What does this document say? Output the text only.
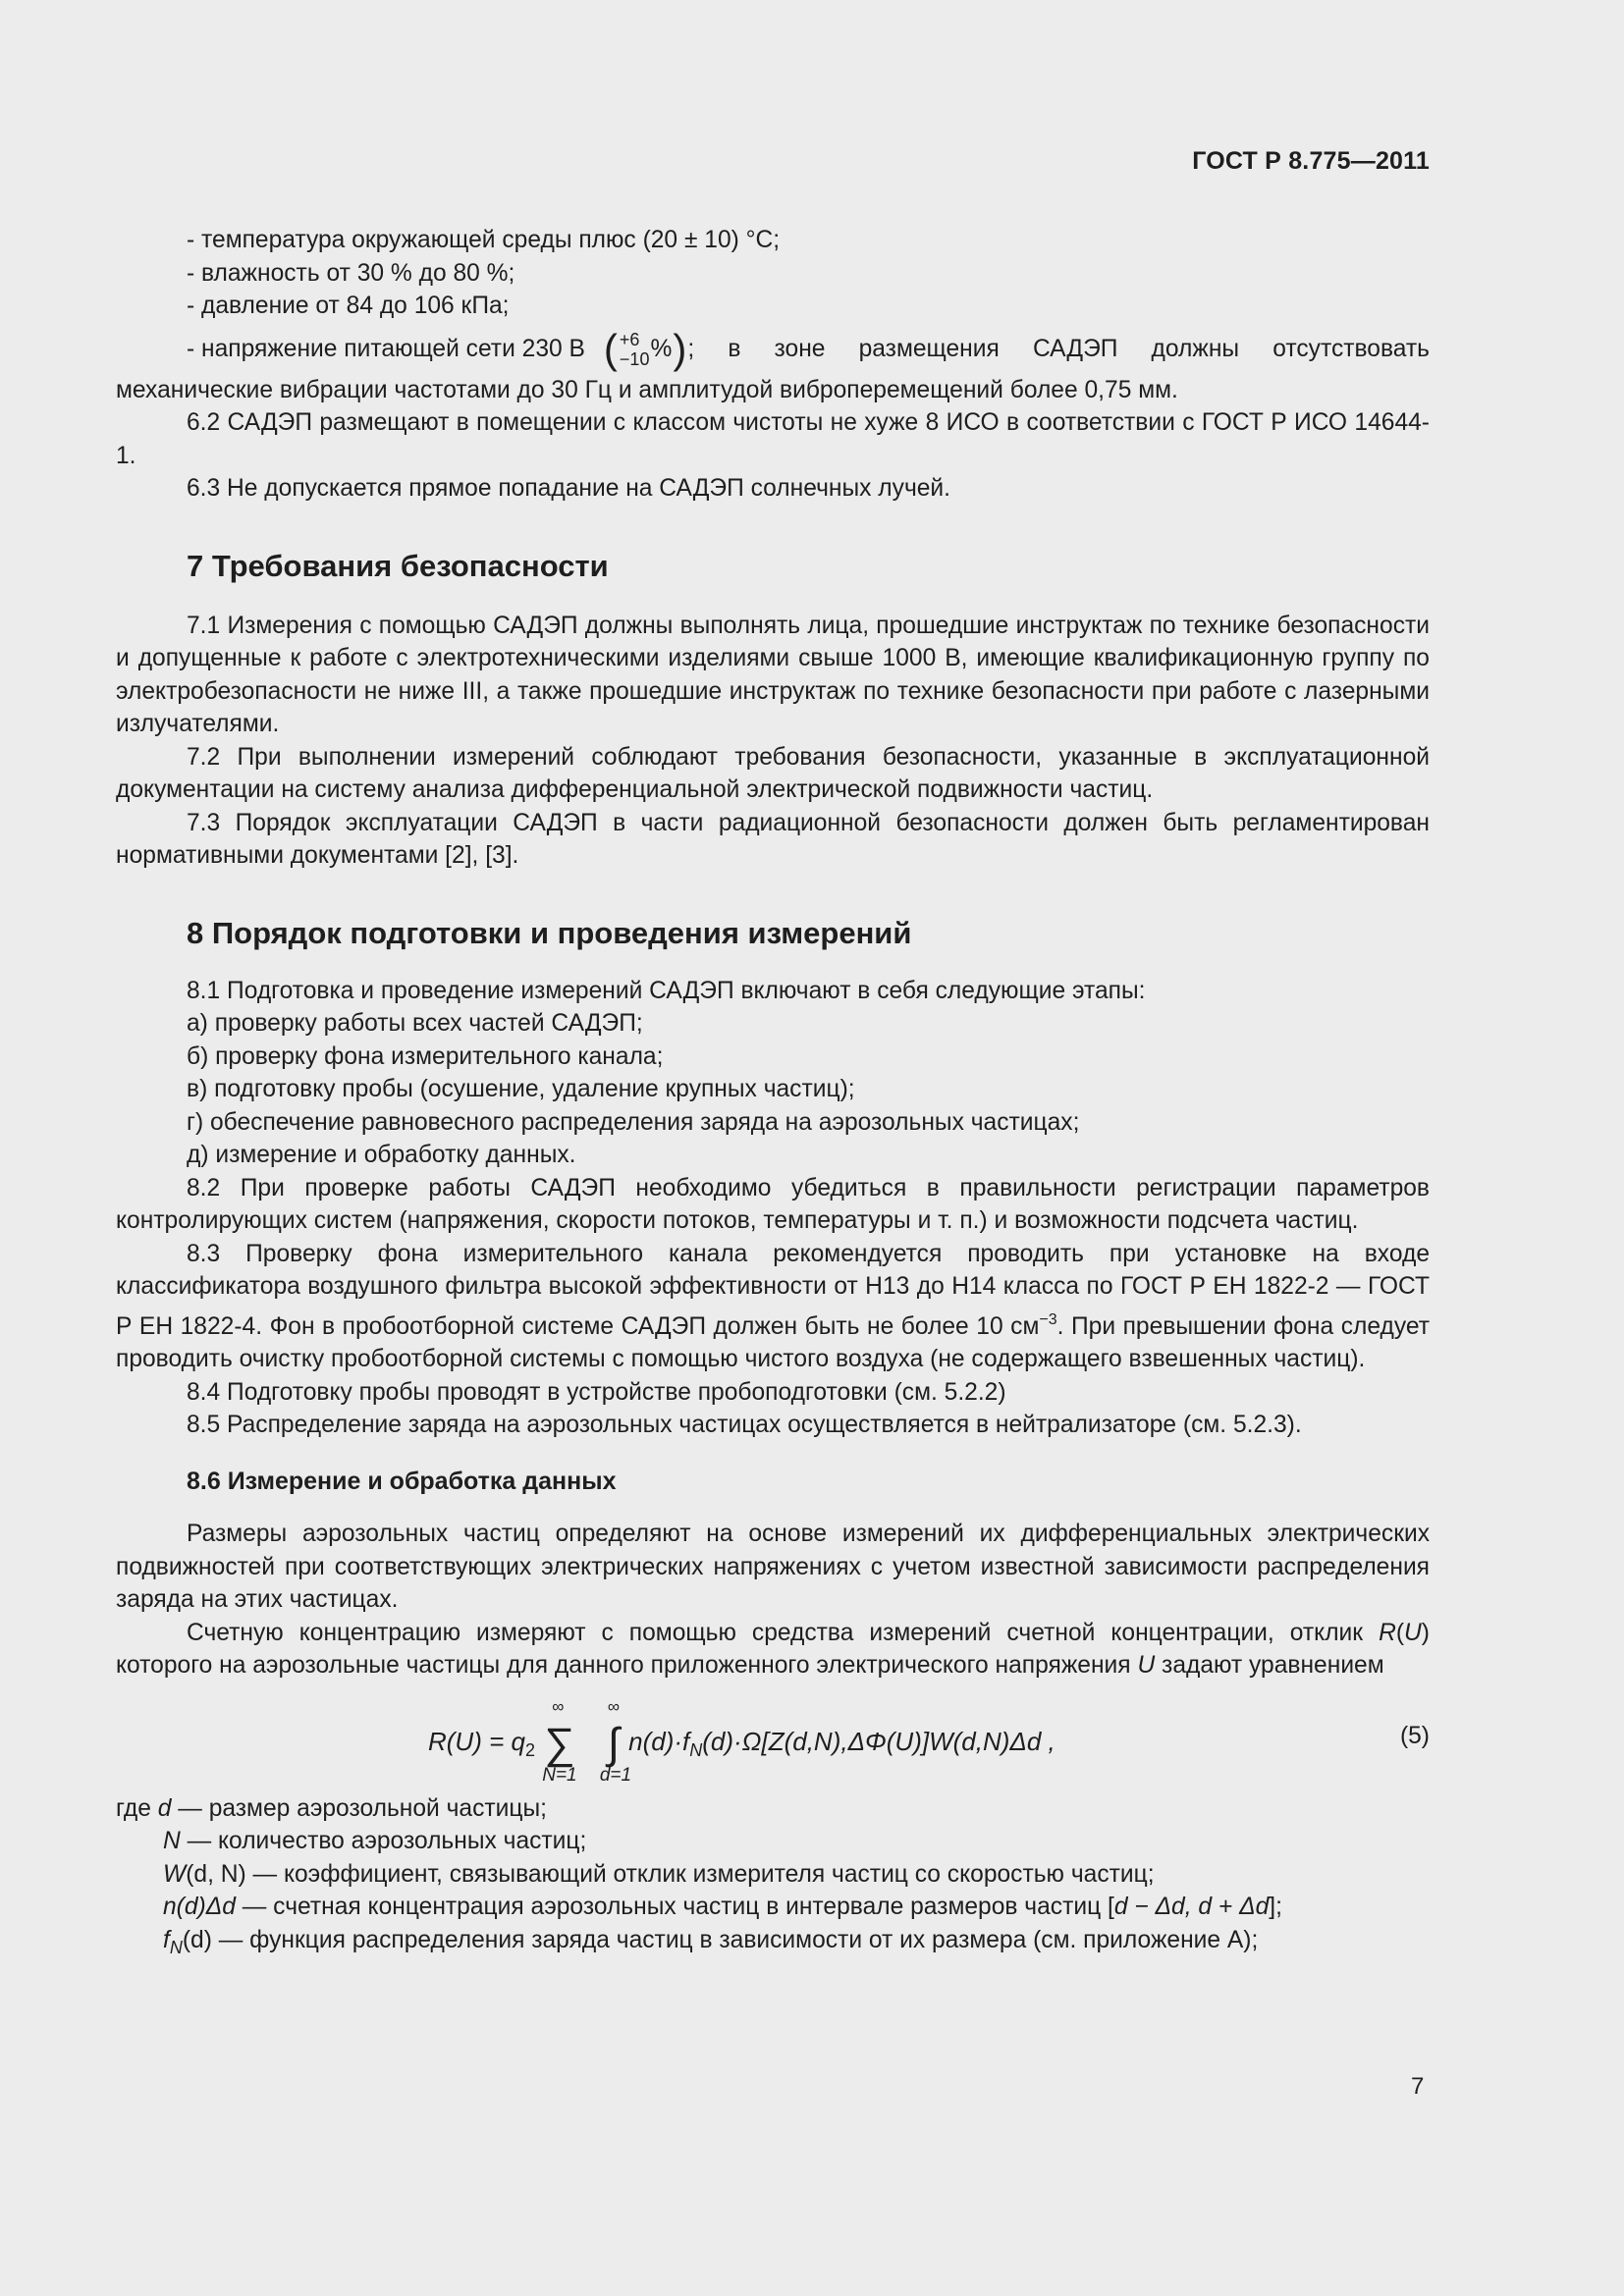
ГОСТ Р 8.775—2011

- температура окружающей среды плюс (20 ± 10) °С;

- влажность от 30 % до 80 %;

- давление от 84 до 106 кПа;

- напряжение питающей сети 230 В ( +6
−10 % ) ; в зоне размещения САДЭП должны отсутствовать

механические вибрации частотами до 30 Гц и амплитудой виброперемещений более 0,75 мм.

6.2 САДЭП размещают в помещении с классом чистоты не хуже 8 ИСО в соответствии с ГОСТ Р ИСО 14644-1.

6.3 Не допускается прямое попадание на САДЭП солнечных лучей.

7 Требования безопасности

7.1 Измерения с помощью САДЭП должны выполнять лица, прошедшие инструктаж по технике безопасности и допущенные к работе с электротехническими изделиями свыше 1000 В, имеющие квалификационную группу по электробезопасности не ниже III, а также прошедшие инструктаж по технике безопасности при работе с лазерными излучателями.

7.2 При выполнении измерений соблюдают требования безопасности, указанные в эксплуатационной документации на систему анализа дифференциальной электрической подвижности частиц.

7.3 Порядок эксплуатации САДЭП в части радиационной безопасности должен быть регламентирован нормативными документами [2], [3].

8 Порядок подготовки и проведения измерений

8.1 Подготовка и проведение измерений САДЭП включают в себя следующие этапы:

а) проверку работы всех частей САДЭП;

б) проверку фона измерительного канала;

в) подготовку пробы (осушение, удаление крупных частиц);

г) обеспечение равновесного распределения заряда на аэрозольных частицах;

д) измерение и обработку данных.

8.2 При проверке работы САДЭП необходимо убедиться в правильности регистрации параметров контролирующих систем (напряжения, скорости потоков, температуры и т. п.) и возможности подсчета частиц.

8.3 Проверку фона измерительного канала рекомендуется проводить при установке на входе классификатора воздушного фильтра высокой эффективности от Н13 до Н14 класса по ГОСТ Р ЕН 1822-2 — ГОСТ Р ЕН 1822-4. Фон в пробоотборной системе САДЭП должен быть не более 10 $см^{-3}$. При превышении фона следует проводить очистку пробоотборной системы с помощью чистого воздуха (не содержащего взвешенных частиц).

8.4 Подготовку пробы проводят в устройстве пробоподготовки (см. 5.2.2)

8.5 Распределение заряда на аэрозольных частицах осуществляется в нейтрализаторе (см. 5.2.3).

8.6 Измерение и обработка данных

Размеры аэрозольных частиц определяют на основе измерений их дифференциальных электрических подвижностей при соответствующих электрических напряжениях с учетом известной зависимости распределения заряда на этих частицах.

Счетную концентрацию измеряют с помощью средства измерений счетной концентрации, отклик R(U) которого на аэрозольные частицы для данного приложенного электрического напряжения U задают уравнением

$R(U) = q_2$
∞
∑
N=1

∞
∫
d=1
$n(d)\cdot f_N(d)\cdot\Omega[Z(d,N),\Delta\Phi(U)]W(d,N)\Delta d$ ,	(5)

где d — размер аэрозольной частицы;

N — количество аэрозольных частиц;

W(d, N) — коэффициент, связывающий отклик измерителя частиц со скоростью частиц;

n(d)Δd — счетная концентрация аэрозольных частиц в интервале размеров частиц [d − Δd, d + Δd];

$f_N(d)$ — функция распределения заряда частиц в зависимости от их размера (см. приложение А);

7
